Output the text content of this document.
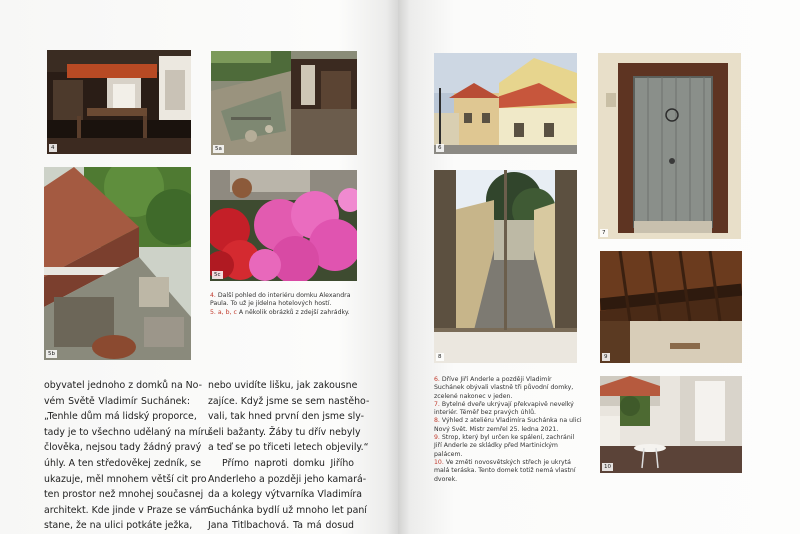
4	5a
5b
5c

4. Další pohled do interiéru domku Alexandra Paula. To už je jídelna hotelových hostí.

5. a, b, c A několik obrázků z zdejší zahrádky.

obyvatel jednoho z domků na No-
vém Světě Vladimír Suchánek:
„Tenhle dům má lidský proporce,
tady je to všechno udělaný na míru
člověka, nejsou tady žádný pravý
úhly. A ten středověkej zedník, se
ukazuje, měl mnohem větší cit pro
ten prostor než mnohej současnej
architekt. Kde jinde v Praze se vám
stane, že na ulici potkáte ježka,
nebo uvidíte lišku, jak zakousne
zajíce. Když jsme se sem nastěho-
vali, tak hned první den jsme sly-
šeli bažanty. Žáby tu dřív nebyly
a teď se po třiceti letech objevily.“
Přímo naproti domku Jiřího
Anderleho a později jeho kamará-
da a kolegy výtvarníka Vladimíra
Suchánka bydlí už mnoho let paní
Jana Titlbachová. Ta má dosud
6
7
8	9
10

6. Dříve Jiří Anderle a později Vladimír Suchánek obývali vlastně tři původní domky, zcelené nakonec v jeden.

7. Bytelné dveře ukrývají překvapivě nevelký interiér. Téměř bez pravých úhlů.

8. Výhled z ateliéru Vladimíra Suchánka na ulici Nový Svět. Mistr zemřel 25. ledna 2021.

9. Strop, který byl určen ke spálení, zachránil Jiří Anderle ze skládky před Martinickým palácem.

10. Ve změti novosvětských střech je ukrytá malá teráska. Tento domek totiž nemá vlastní dvorek.
